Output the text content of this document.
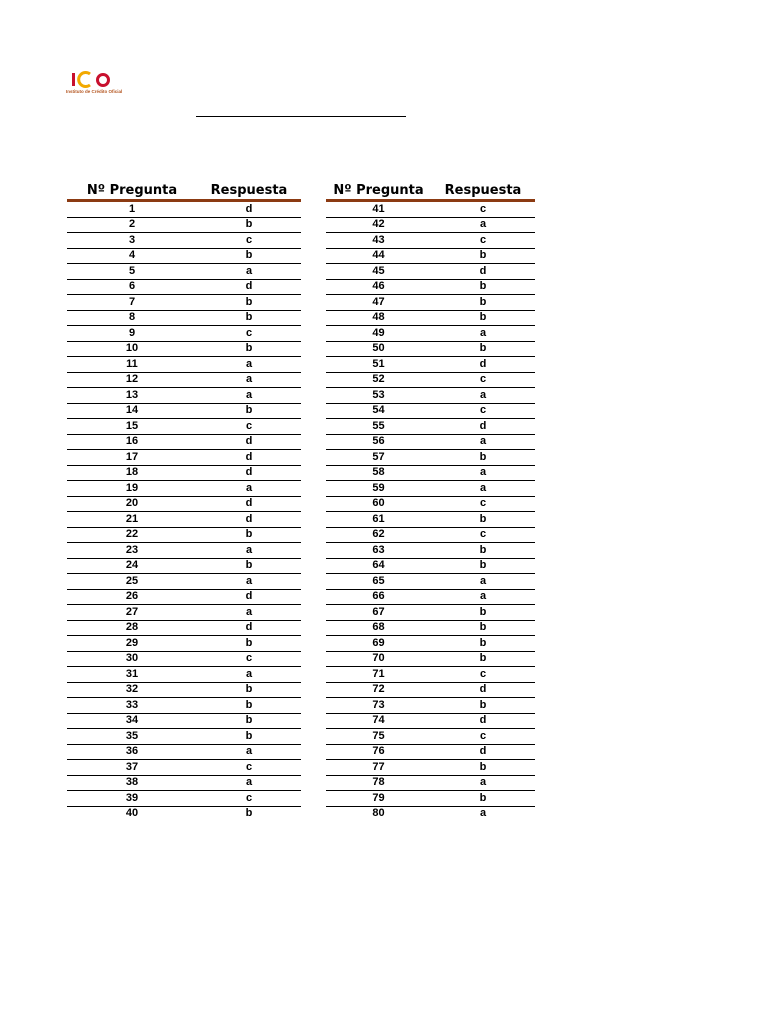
Instituto de Crédito Oficial
Nº Pregunta	Respuesta
1	d
2	b
3	c
4	b
5	a
6	d
7	b
8	b
9	c
10	b
11	a
12	a
13	a
14	b
15	c
16	d
17	d
18	d
19	a
20	d
21	d
22	b
23	a
24	b
25	a
26	d
27	a
28	d
29	b
30	c
31	a
32	b
33	b
34	b
35	b
36	a
37	c
38	a
39	c
40	b
Nº Pregunta	Respuesta
41	c
42	a
43	c
44	b
45	d
46	b
47	b
48	b
49	a
50	b
51	d
52	c
53	a
54	c
55	d
56	a
57	b
58	a
59	a
60	c
61	b
62	c
63	b
64	b
65	a
66	a
67	b
68	b
69	b
70	b
71	c
72	d
73	b
74	d
75	c
76	d
77	b
78	a
79	b
80	a
